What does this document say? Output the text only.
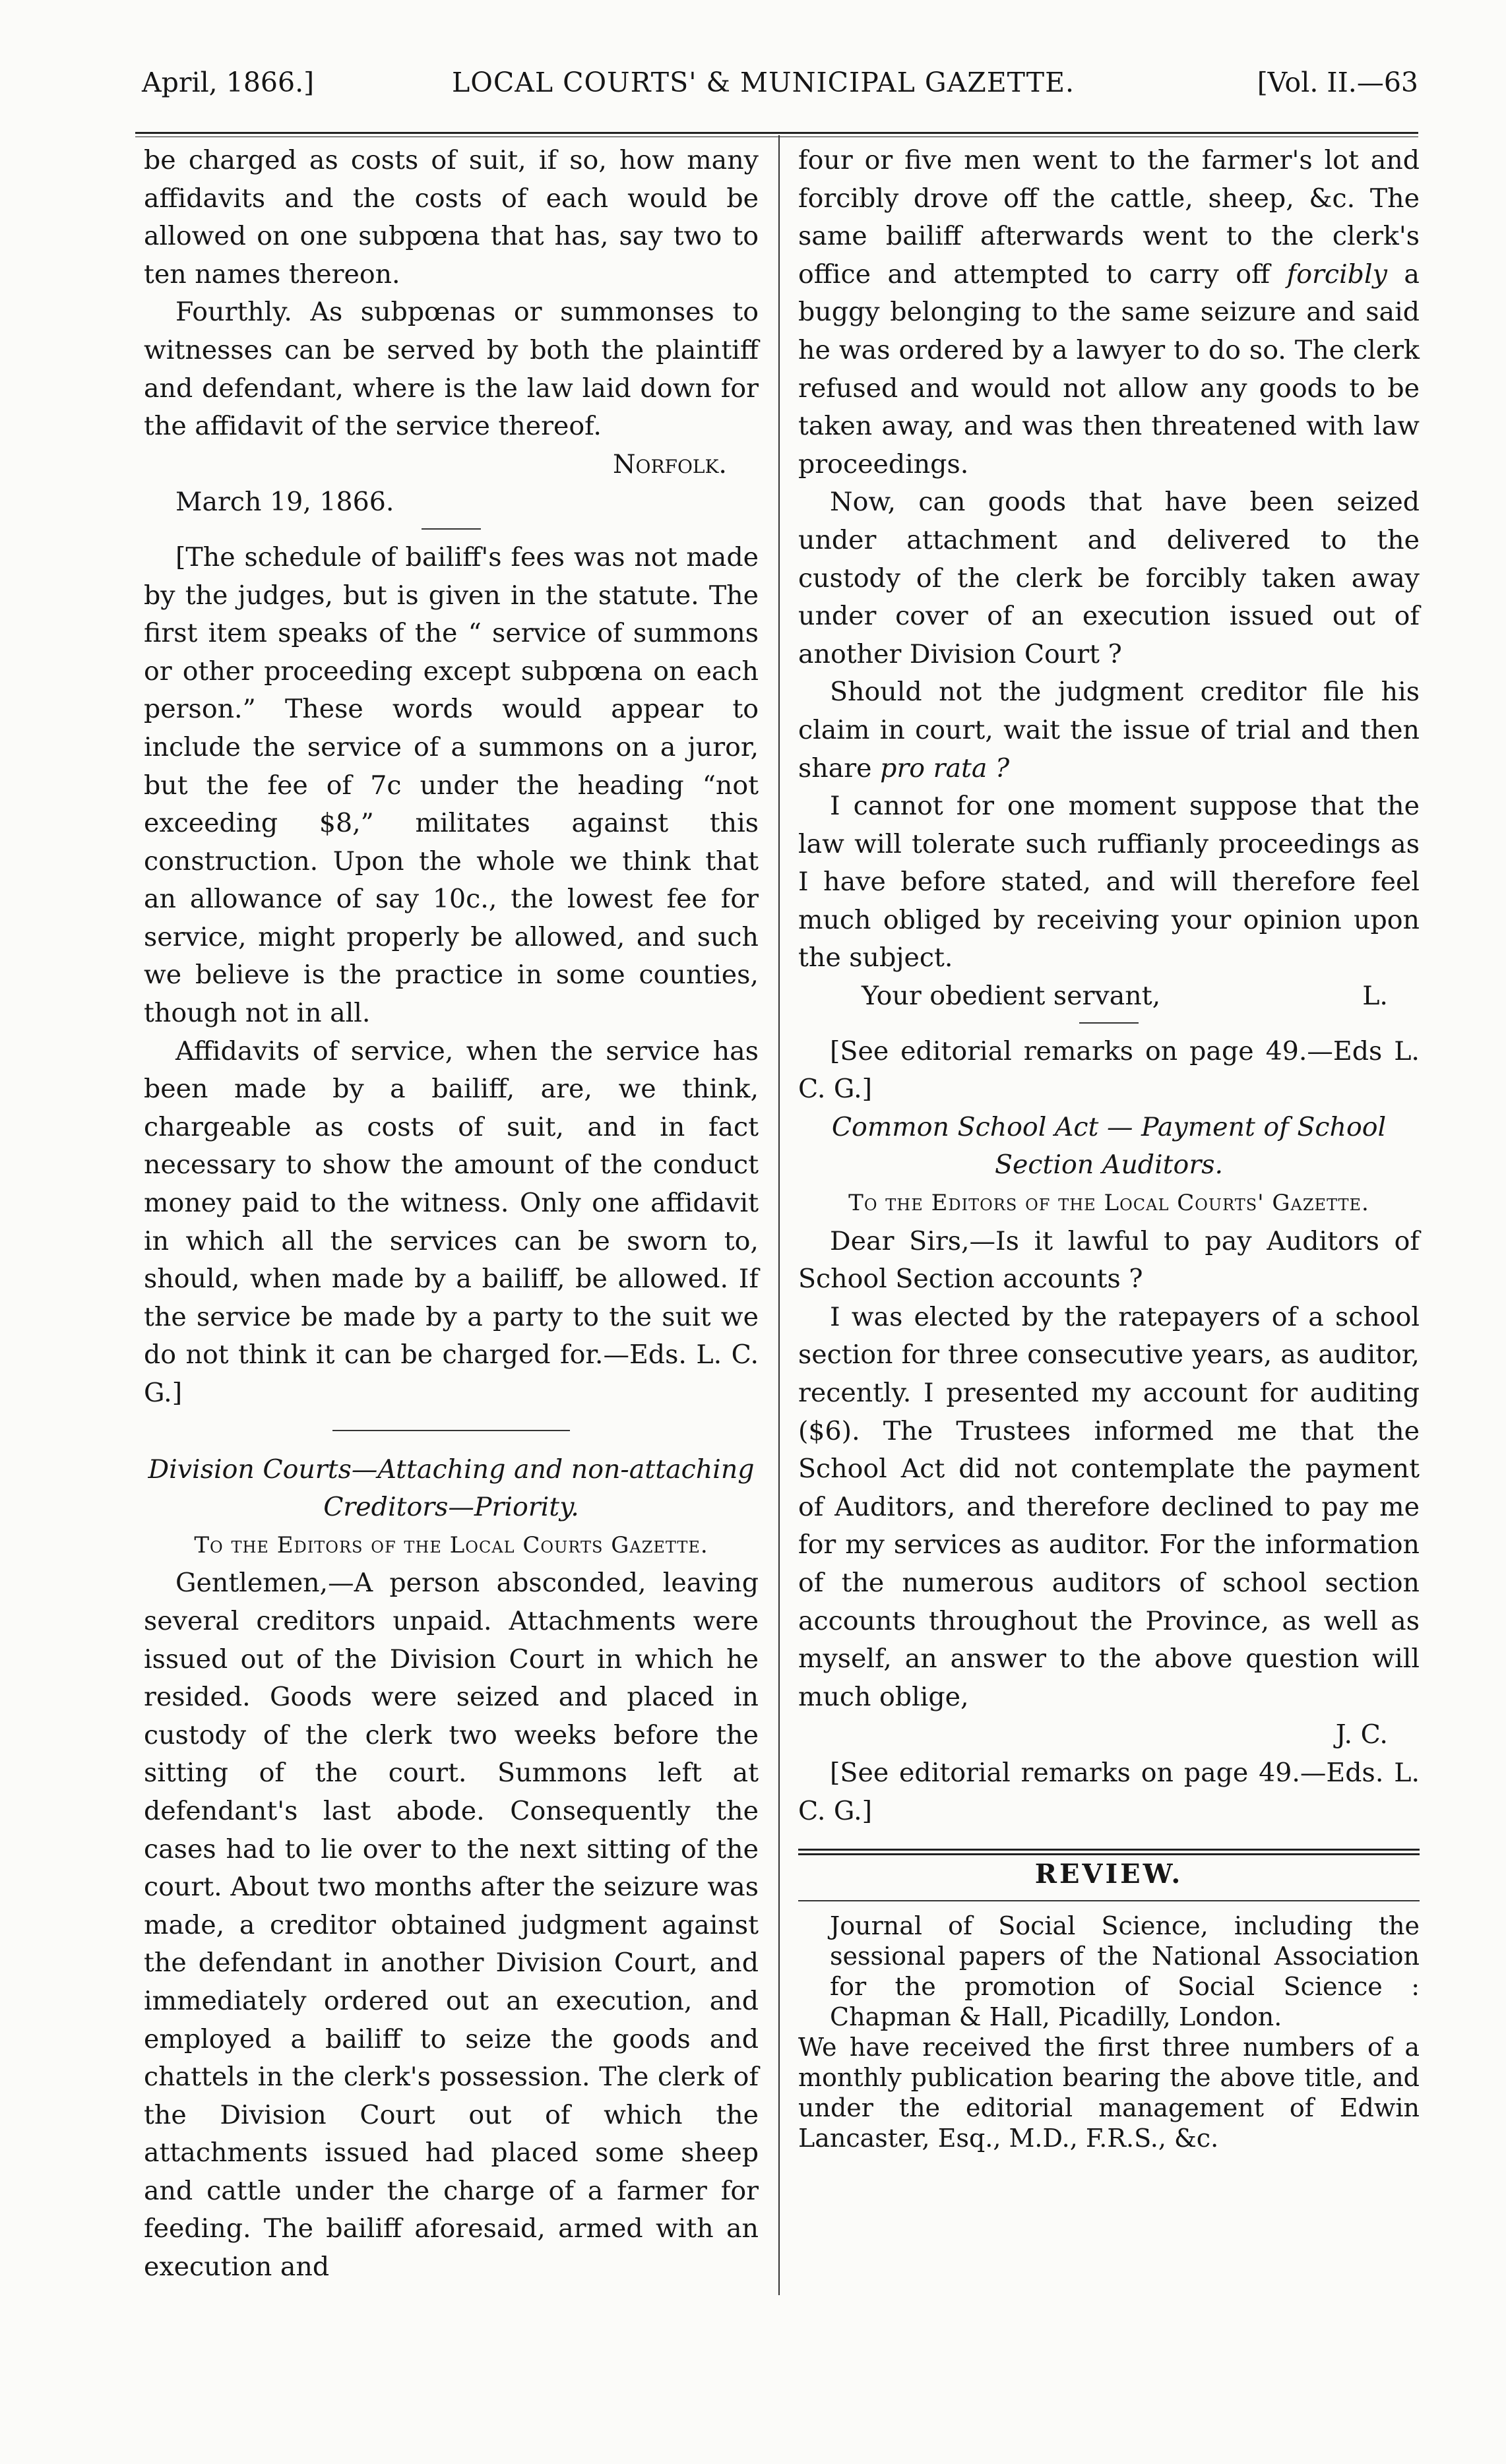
April, 1866.]	LOCAL COURTS' & MUNICIPAL GAZETTE.	[Vol. II.—63

be charged as costs of suit, if so, how many affidavits and the costs of each would be allowed on one subpœna that has, say two to ten names thereon.

Fourthly. As subpœnas or summonses to witnesses can be served by both the plaintiff and defendant, where is the law laid down for the affidavit of the service thereof.

Norfolk.

March 19, 1866.

[The schedule of bailiff's fees was not made by the judges, but is given in the statute. The first item speaks of the “ service of summons or other proceeding except subpœna on each person.” These words would appear to include the service of a summons on a juror, but the fee of 7c under the heading “not exceeding $8,” militates against this construction. Upon the whole we think that an allowance of say 10c., the lowest fee for service, might properly be allowed, and such we believe is the practice in some counties, though not in all.

Affidavits of service, when the service has been made by a bailiff, are, we think, chargeable as costs of suit, and in fact necessary to show the amount of the conduct money paid to the witness. Only one affidavit in which all the services can be sworn to, should, when made by a bailiff, be allowed. If the service be made by a party to the suit we do not think it can be charged for.—Eds. L. C. G.]

Division Courts—Attaching and non-attaching Creditors—Priority.

To the Editors of the Local Courts Gazette.

Gentlemen,—A person absconded, leaving several creditors unpaid. Attachments were issued out of the Division Court in which he resided. Goods were seized and placed in custody of the clerk two weeks before the sitting of the court. Summons left at defendant's last abode. Consequently the cases had to lie over to the next sitting of the court. About two months after the seizure was made, a creditor obtained judgment against the defendant in another Division Court, and immediately ordered out an execution, and employed a bailiff to seize the goods and chattels in the clerk's possession. The clerk of the Division Court out of which the attachments issued had placed some sheep and cattle under the charge of a farmer for feeding. The bailiff aforesaid, armed with an execution and

four or five men went to the farmer's lot and forcibly drove off the cattle, sheep, &c. The same bailiff afterwards went to the clerk's office and attempted to carry off forcibly a buggy belonging to the same seizure and said he was ordered by a lawyer to do so. The clerk refused and would not allow any goods to be taken away, and was then threatened with law proceedings.

Now, can goods that have been seized under attachment and delivered to the custody of the clerk be forcibly taken away under cover of an execution issued out of another Division Court ?

Should not the judgment creditor file his claim in court, wait the issue of trial and then share pro rata ?

I cannot for one moment suppose that the law will tolerate such ruffianly proceedings as I have before stated, and will therefore feel much obliged by receiving your opinion upon the subject.

Your obedient servant,	L.

[See editorial remarks on page 49.—Eds L. C. G.]

Common School Act — Payment of School Section Auditors.

To the Editors of the Local Courts' Gazette.

Dear Sirs,—Is it lawful to pay Auditors of School Section accounts ?

I was elected by the ratepayers of a school section for three consecutive years, as auditor, recently. I presented my account for auditing ($6). The Trustees informed me that the School Act did not contemplate the payment of Auditors, and therefore declined to pay me for my services as auditor. For the information of the numerous auditors of school section accounts throughout the Province, as well as myself, an answer to the above question will much oblige,

J. C.

[See editorial remarks on page 49.—Eds. L. C. G.]

REVIEW.

Journal of Social Science, including the sessional papers of the National Association for the promotion of Social Science : Chapman & Hall, Picadilly, London.

We have received the first three numbers of a monthly publication bearing the above title, and under the editorial management of Edwin Lancaster, Esq., M.D., F.R.S., &c.
